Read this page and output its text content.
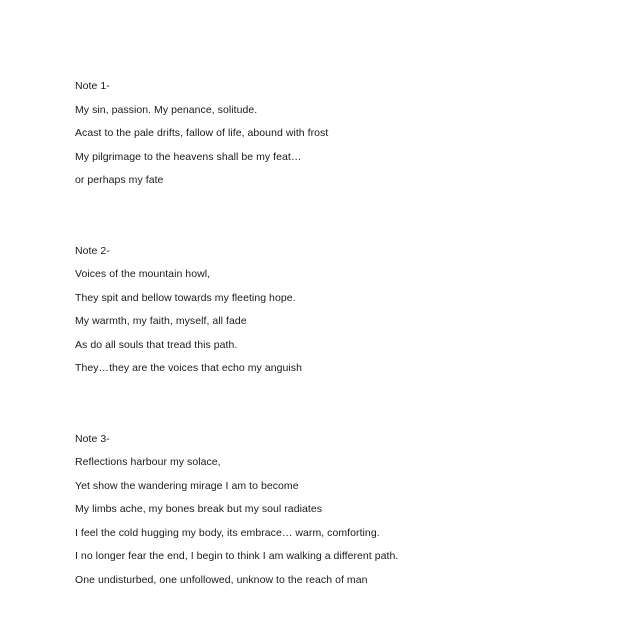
Note 1-
My sin, passion. My penance, solitude.
Acast to the pale drifts, fallow of life, abound with frost
My pilgrimage to the heavens shall be my feat…
or perhaps my fate
Note 2-
Voices of the mountain howl,
They spit and bellow towards my fleeting hope.
My warmth, my faith, myself, all fade
As do all souls that tread this path.
They…they are the voices that echo my anguish
Note 3-
Reflections harbour my solace,
Yet show the wandering mirage I am to become
My limbs ache, my bones break but my soul radiates
I feel the cold hugging my body, its embrace… warm, comforting.
I no longer fear the end, I begin to think I am walking a different path.
One undisturbed, one unfollowed, unknow to the reach of man
